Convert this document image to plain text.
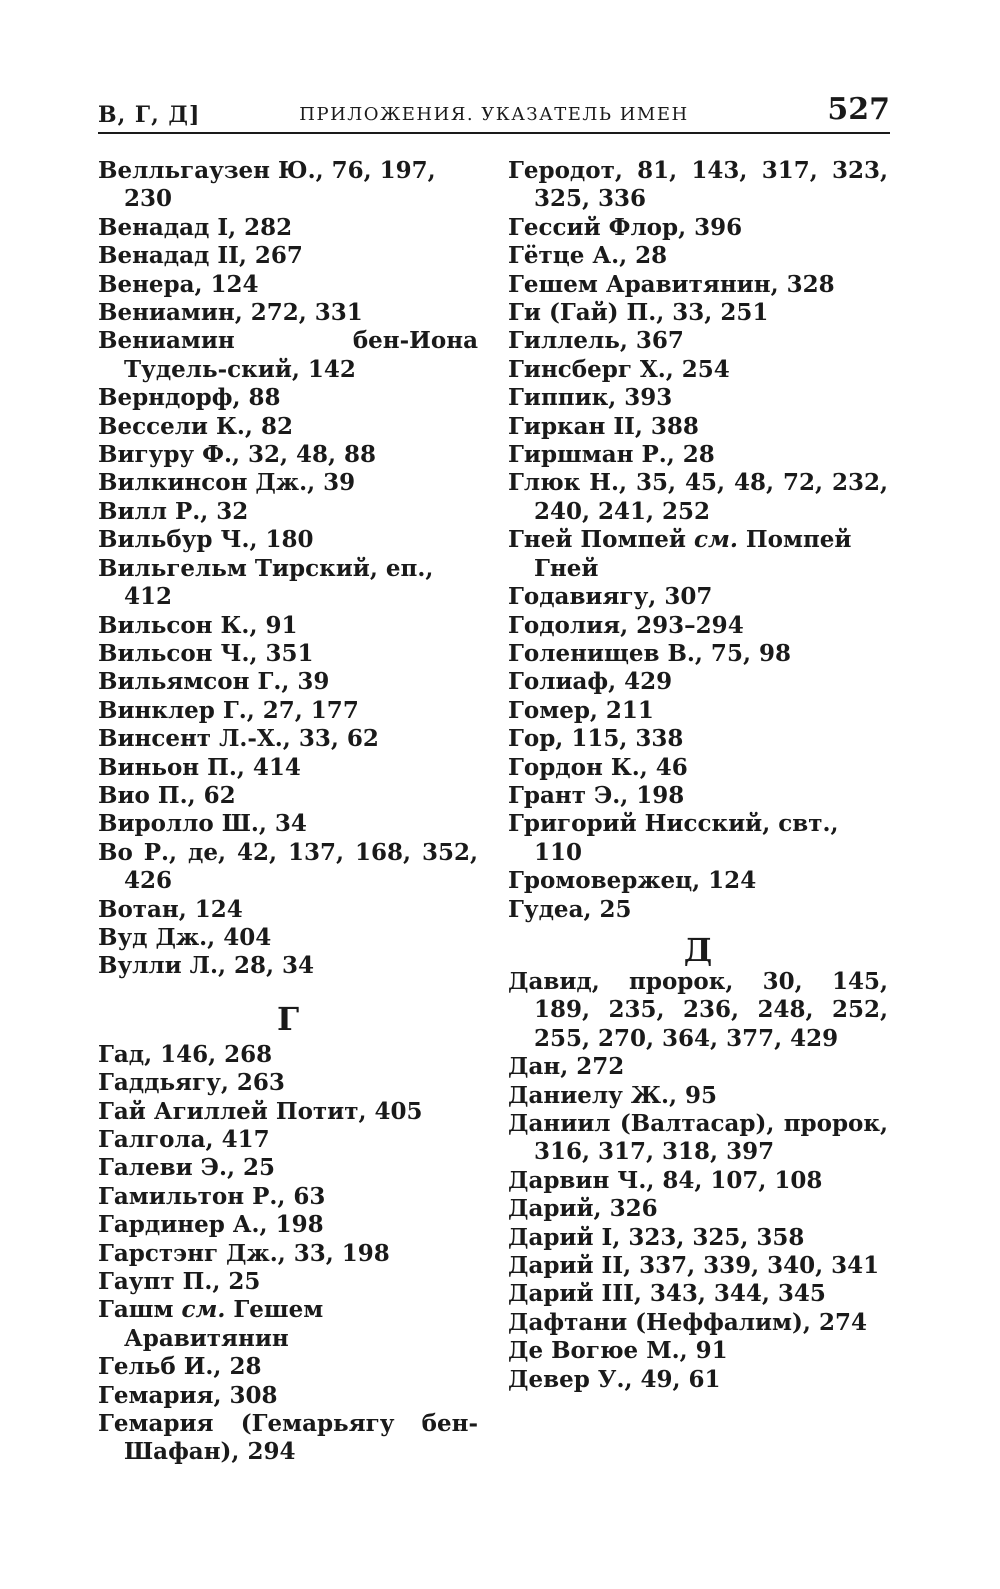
В, Г, Д]	ПРИЛОЖЕНИЯ. УКАЗАТЕЛЬ ИМЕН	527
Велльгаузен Ю., 76, 197, 230
Венадад I, 282
Венадад II, 267
Венера, 124
Вениамин, 272, 331
Вениамин бен-Иона Тудель-ский, 142
Верндорф, 88
Вессели К., 82
Вигуру Ф., 32, 48, 88
Вилкинсон Дж., 39
Вилл Р., 32
Вильбур Ч., 180
Вильгельм Тирский, еп., 412
Вильсон К., 91
Вильсон Ч., 351
Вильямсон Г., 39
Винклер Г., 27, 177
Винсент Л.-Х., 33, 62
Виньон П., 414
Вио П., 62
Виролло Ш., 34
Во Р., де, 42, 137, 168, 352, 426
Вотан, 124
Вуд Дж., 404
Вулли Л., 28, 34
Г
Гад, 146, 268
Гаддьягу, 263
Гай Агиллей Потит, 405
Галгола, 417
Галеви Э., 25
Гамильтон Р., 63
Гардинер А., 198
Гарстэнг Дж., 33, 198
Гаупт П., 25
Гашм см. Гешем Аравитянин
Гельб И., 28
Гемария, 308
Гемария (Гемарьягу бен-Шафан), 294
Геродот, 81, 143, 317, 323, 325, 336
Гессий Флор, 396
Гётце А., 28
Гешем Аравитянин, 328
Ги (Гай) П., 33, 251
Гиллель, 367
Гинсберг Х., 254
Гиппик, 393
Гиркан II, 388
Гиршман Р., 28
Глюк Н., 35, 45, 48, 72, 232, 240, 241, 252
Гней Помпей см. Помпей Гней
Годавиягу, 307
Годолия, 293–294
Голенищев В., 75, 98
Голиаф, 429
Гомер, 211
Гор, 115, 338
Гордон К., 46
Грант Э., 198
Григорий Нисский, свт., 110
Громовержец, 124
Гудеа, 25
Д
Давид, пророк, 30, 145, 189, 235, 236, 248, 252, 255, 270, 364, 377, 429
Дан, 272
Даниелу Ж., 95
Даниил (Валтасар), пророк, 316, 317, 318, 397
Дарвин Ч., 84, 107, 108
Дарий, 326
Дарий I, 323, 325, 358
Дарий II, 337, 339, 340, 341
Дарий III, 343, 344, 345
Дафтани (Неффалим), 274
Де Вогюе М., 91
Девер У., 49, 61
